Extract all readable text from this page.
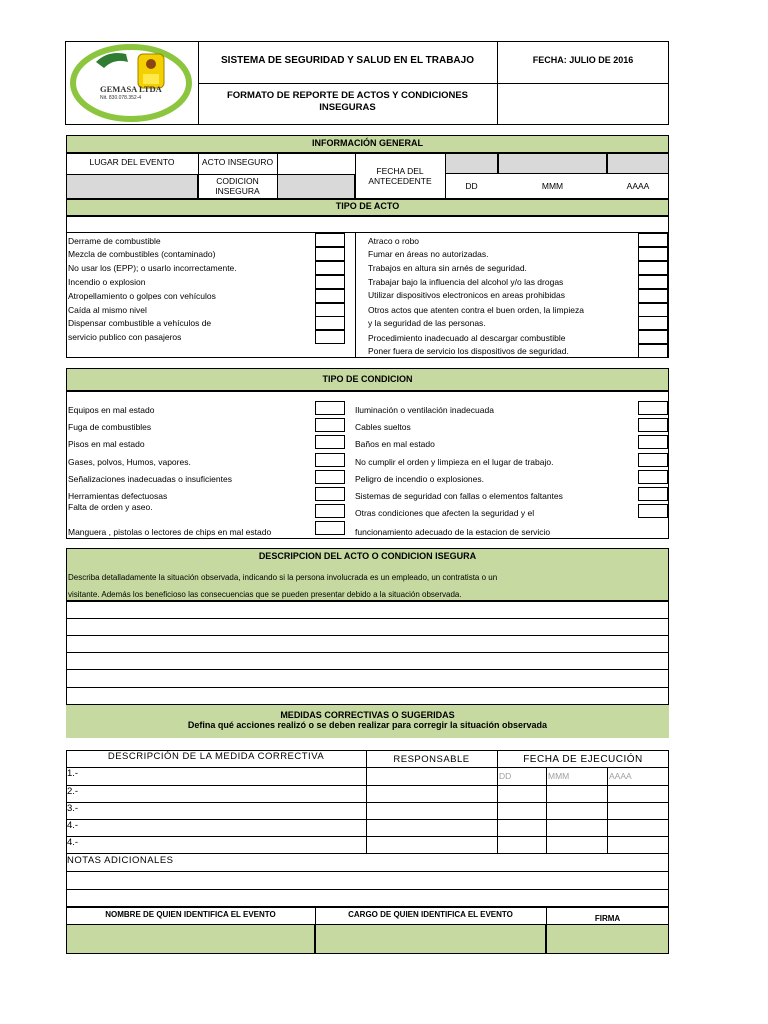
GEMASA LTDA
Nit. 830.078.352-4
SISTEMA DE SEGURIDAD Y SALUD EN EL TRABAJO
FORMATO DE REPORTE DE ACTOS Y CONDICIONES
INSEGURAS
FECHA: JULIO DE 2016
INFORMACIÓN GENERAL
LUGAR DEL EVENTO	ACTO INSEGURO
CODICION
INSEGURA
FECHA DEL
ANTECEDENTE	DD	MMM	AAAA
TIPO DE ACTO
Derrame de combustible
Mezcla de combustibles (contaminado)
No usar los (EPP); o usarlo incorrectamente.
Incendio o explosion
Atropellamiento o golpes con vehículos
Caída al mismo nivel
Dispensar combustible a vehículos de
servicio publico con pasajeros
Atraco o robo
Fumar en áreas no autorizadas.
Trabajos en altura sin arnés de seguridad.
Trabajar bajo la influencia del alcohol y/o las drogas
Utilizar dispositivos electronicos en areas prohibidas
Otros actos que atenten contra el buen orden, la limpieza
y la seguridad de las personas.
Procedimiento inadecuado al descargar combustible
Poner fuera de servicio los dispositivos de seguridad.
TIPO DE CONDICION
Equipos en mal estado
Fuga de combustibles
Pisos en mal estado
Gases, polvos, Humos, vapores.
Señalizaciones inadecuadas o insuficientes
Herramientas defectuosas
Falta de orden y aseo.
Manguera , pistolas o lectores de chips en mal estado
Iluminación o ventilación inadecuada
Cables sueltos
Baños en mal estado
No cumplir el orden y limpieza en el lugar de trabajo.
Peligro de incendio o explosiones.
Sistemas de seguridad con fallas o elementos faltantes
Otras condiciones que afecten la seguridad y el
funcionamiento adecuado de la estacion de servicio
DESCRIPCION DEL ACTO O CONDICION ISEGURA
Describa detalladamente la situación observada, indicando si la persona involucrada es un empleado, un contratista o un
visitante. Además los beneficioso las consecuencias que se pueden presentar debido a la situación observada.
MEDIDAS CORRECTIVAS O SUGERIDAS
Defina qué acciones realizó o se deben realizar para corregir la situación observada
DESCRIPCIÓN DE LA MEDIDA CORRECTIVA	RESPONSABLE	FECHA DE EJECUCIÓN
DD	MMM	AAAA
1.-
2.-
3.-
4.-
4.-
NOTAS ADICIONALES
NOMBRE DE QUIEN IDENTIFICA EL EVENTO	CARGO DE QUIEN IDENTIFICA EL EVENTO	FIRMA
